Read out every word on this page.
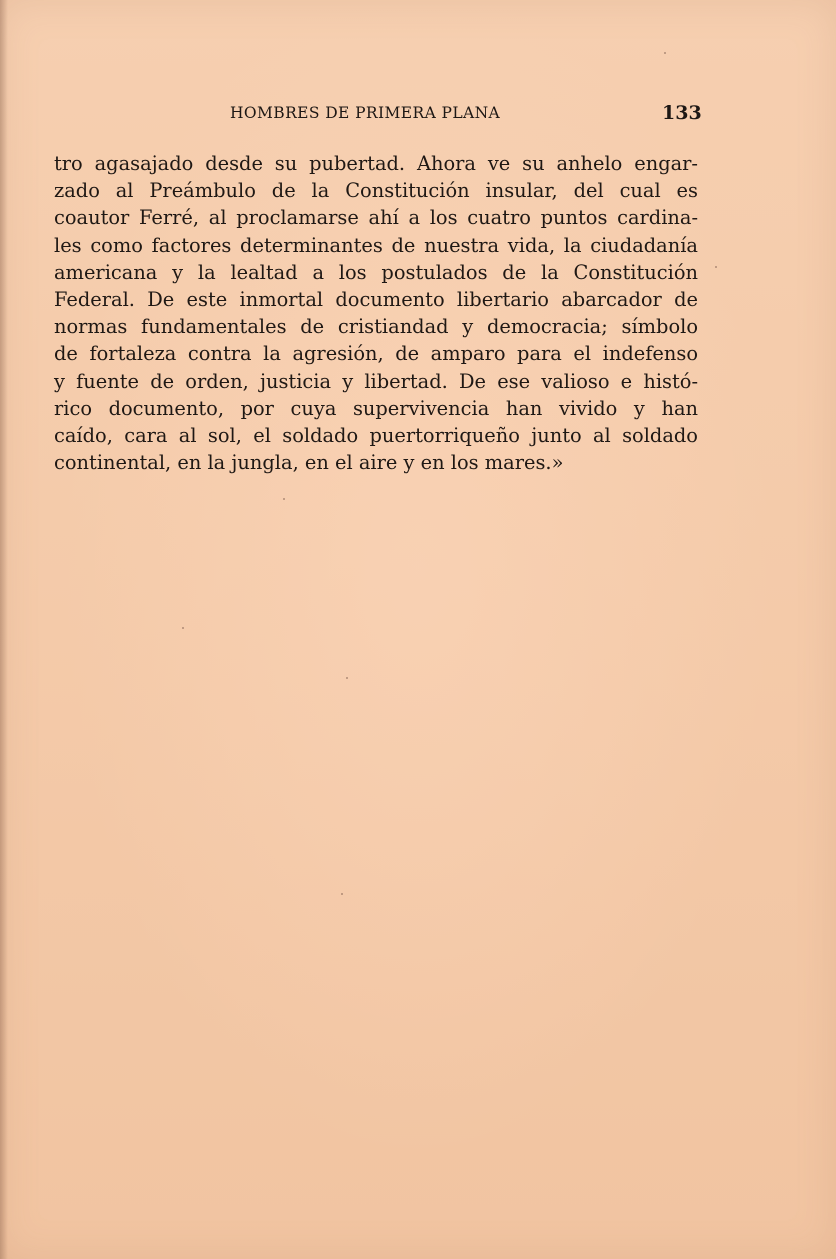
HOMBRES DE PRIMERA PLANA	133
tro agasajado desde su pubertad. Ahora ve su anhelo engar-
zado al Preámbulo de la Constitución insular, del cual es
coautor Ferré, al proclamarse ahí a los cuatro puntos cardina-
les como factores determinantes de nuestra vida, la ciudadanía
americana y la lealtad a los postulados de la Constitución
Federal. De este inmortal documento libertario abarcador de
normas fundamentales de cristiandad y democracia; símbolo
de fortaleza contra la agresión, de amparo para el indefenso
y fuente de orden, justicia y libertad. De ese valioso e histó-
rico documento, por cuya supervivencia han vivido y han
caído, cara al sol, el soldado puertorriqueño junto al soldado
continental, en la jungla, en el aire y en los mares.»
